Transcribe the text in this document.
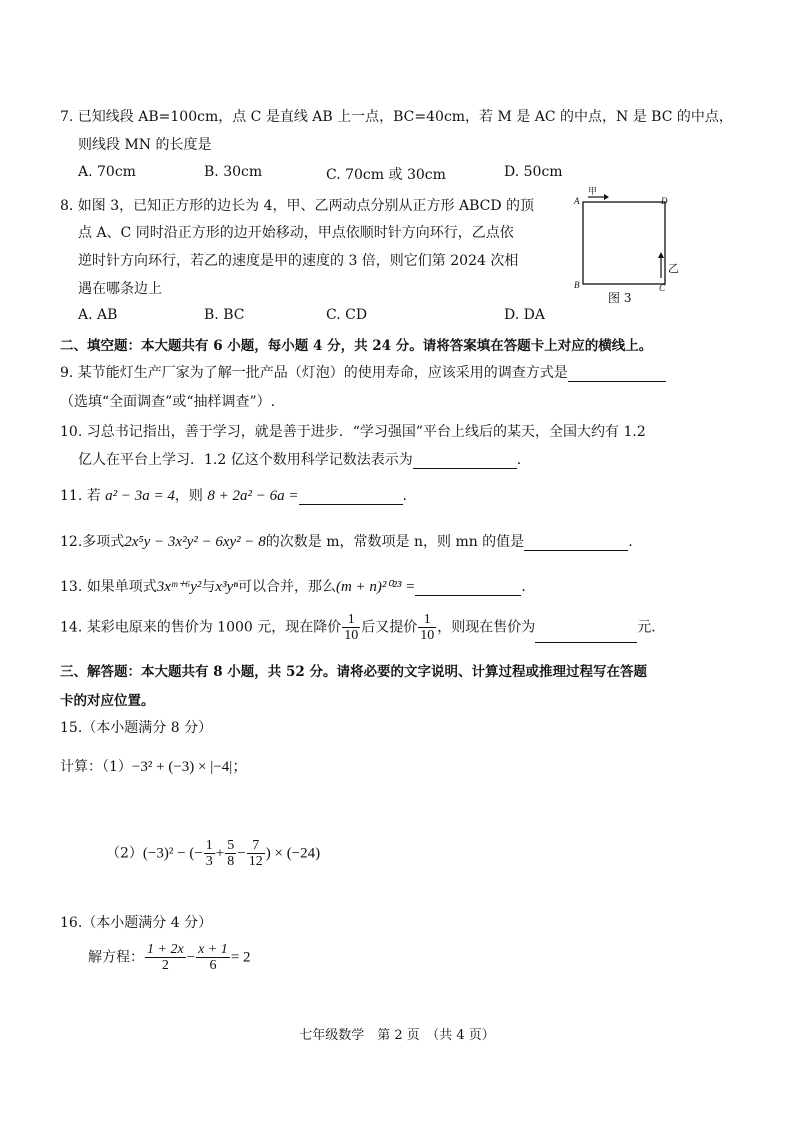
7. 已知线段 AB=100cm，点 C 是直线 AB 上一点，BC=40cm，若 M 是 AC 的中点，N 是 BC 的中点，
则线段 MN 的长度是
A. 70cm	B. 30cm	C. 70cm 或 30cm	D. 50cm
8. 如图 3，已知正方形的边长为 4，甲、乙两动点分别从正方形 ABCD 的顶
点 A、C 同时沿正方形的边开始移动，甲点依顺时针方向环行，乙点依
逆时针方向环行，若乙的速度是甲的速度的 3 倍，则它们第 2024 次相
遇在哪条边上
A. AB	B. BC	C. CD	D. DA
A
甲
D
B	C
乙
图 3
二、填空题：本大题共有 6 小题，每小题 4 分，共 24 分。请将答案填在答题卡上对应的横线上。
9. 某节能灯生产厂家为了解一批产品（灯泡）的使用寿命，应该采用的调查方式是
（选填“全面调查”或“抽样调查”）.
10. 习总书记指出，善于学习，就是善于进步．“学习强国”平台上线后的某天，全国大约有 1.2
亿人在平台上学习．1.2 亿这个数用科学记数法表示为	.
11. 若 a² − 3a = 4，则 8 + 2a² − 6a =	.
12.多项式2x⁵y − 3x²y² − 6xy² − 8的次数是 m，常数项是 n，则 mn 的值是	.
13. 如果单项式3xᵐ⁺⁶y²与x³yⁿ可以合并，那么(m + n)²⁰²³ =	.
14. 某彩电原来的售价为 1000 元，现在降价 $\frac{1}{10}$ 后又提价 $\frac{1}{10}$ ，则现在售价为	元.
三、解答题：本大题共有 8 小题，共 52 分。请将必要的文字说明、计算过程或推理过程写在答题
卡的对应位置。
15.（本小题满分 8 分）
计算：（1）−3² + (−3) × |−4|；
（2）(−3)² − (− $\frac{1}{3} + \frac{5}{8} - \frac{7}{12}$ ) × (−24)
16.（本小题满分 4 分）
解方程： $\frac{1 + 2x}{2} - \frac{x + 1}{6} = 2$
七年级数学　第 2 页　（共 4 页）
